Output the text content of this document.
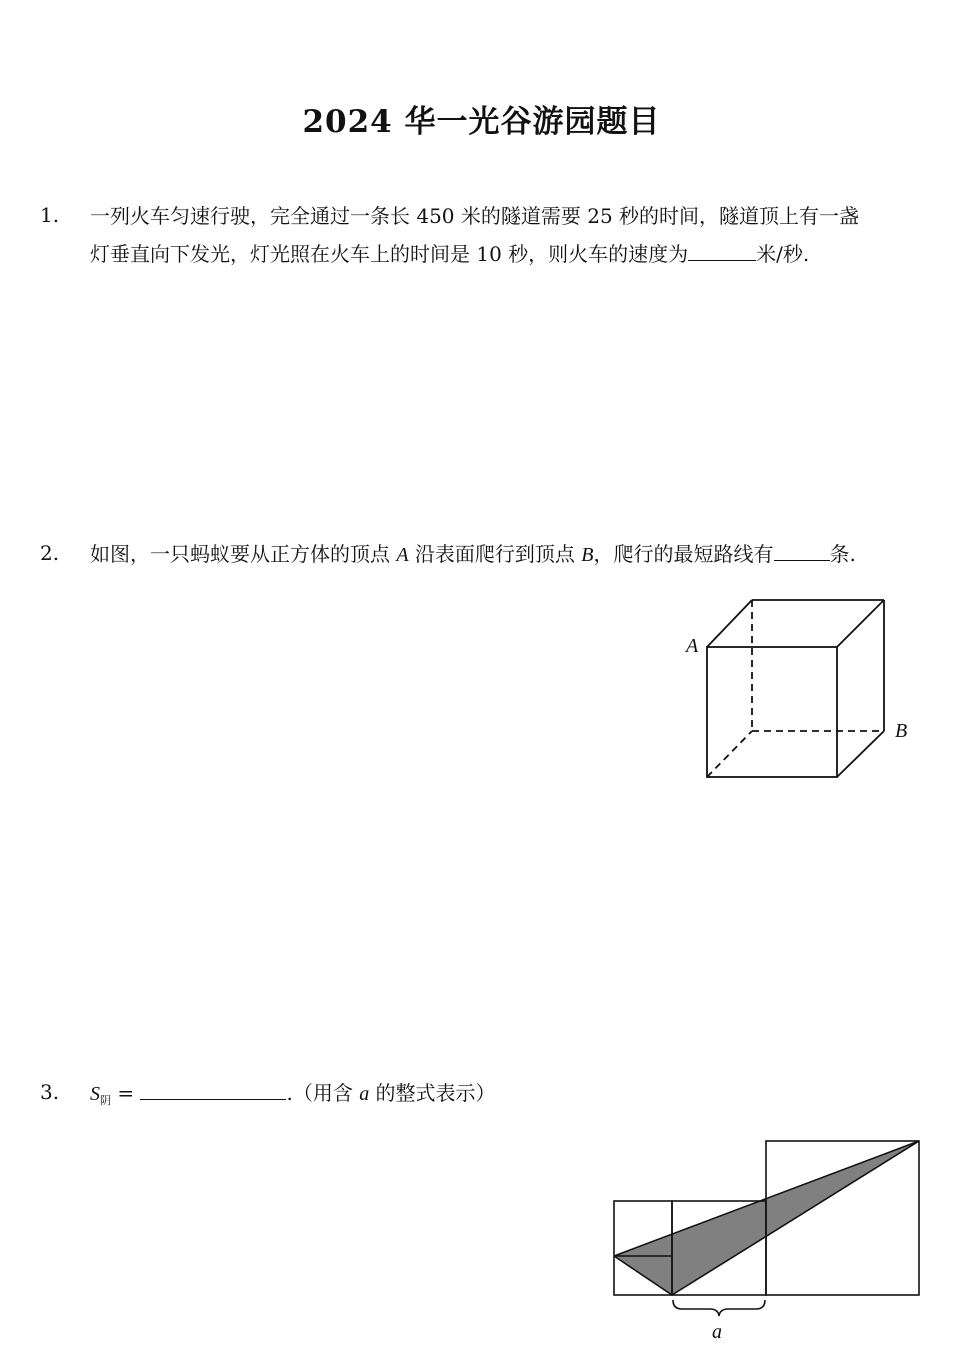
2024 华一光谷游园题目
1. 一列火车匀速行驶，完全通过一条长 450 米的隧道需要 25 秒的时间，隧道顶上有一盏
灯垂直向下发光，灯光照在火车上的时间是 10 秒，则火车的速度为	米/秒.
2. 如图，一只蚂蚁要从正方体的顶点 A 沿表面爬行到顶点 B，爬行的最短路线有	条.
A
B
3. $S_阴$ =	.（用含 a 的整式表示）
a
